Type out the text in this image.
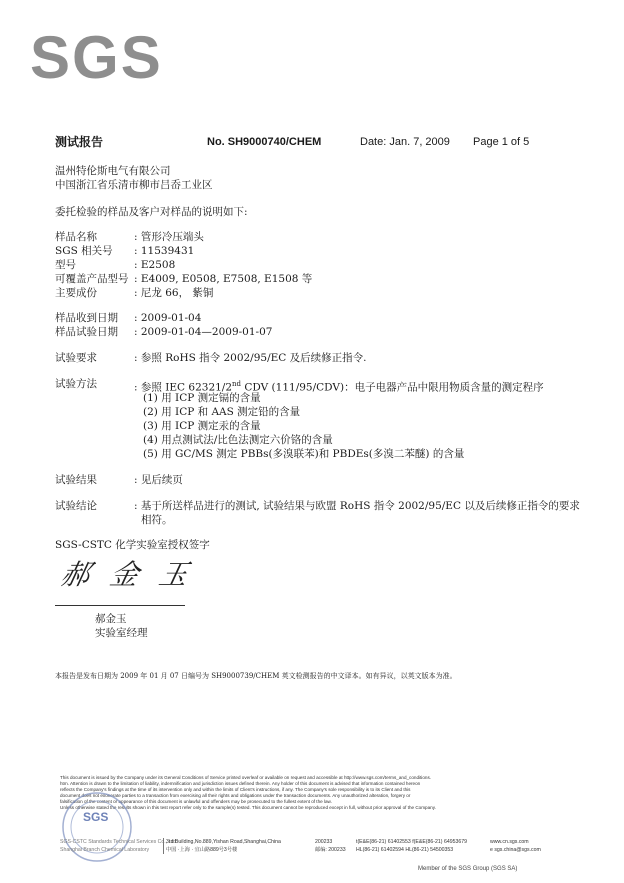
SGS
测试报告	No. SH9000740/CHEM	Date: Jan. 7, 2009 Page 1 of 5
温州特伦斯电气有限公司
中国浙江省乐清市柳市吕岙工业区
委托检验的样品及客户对样品的说明如下:
样品名称	: 管形冷压端头
SGS 相关号 : 11539431
型号	: E2508
可覆盖产品型号 : E4009, E0508, E7508, E1508 等
主要成份	: 尼龙 66， 紫铜
样品收到日期 : 2009-01-04
样品试验日期 : 2009-01-04—2009-01-07
试验要求	: 参照 RoHS 指令 2002/95/EC 及后续修正指令.
试验方法	: 参照 IEC 62321/2nd CDV (111/95/CDV)：电子电器产品中限用物质含量的测定程序
(1) 用 ICP 测定镉的含量
(2) 用 ICP 和 AAS 测定铅的含量
(3) 用 ICP 测定汞的含量
(4) 用点测试法/比色法测定六价铬的含量
(5) 用 GC/MS 测定 PBBs(多溴联苯)和 PBDEs(多溴二苯醚) 的含量
试验结果	: 见后续页
试验结论	: 基于所送样品进行的测试, 试验结果与欧盟 RoHS 指令 2002/95/EC 以及后续修正指令的要求
相符。
SGS-CSTC 化学实验室授权签字
郝 金 玉
郝金玉
实验室经理
本报告是发布日期为 2009 年 01 月 07 日编号为 SH9000739/CHEM 英文检测报告的中文译本。如有异议，以英文版本为准。
This document is issued by the Company under its General Conditions of Service printed overleaf or available on request and accessible at http://www.sgs.com/terms_and_conditions.
htm. Attention is drawn to the limitation of liability, indemnification and jurisdiction issues defined therein. Any holder of this document is advised that information contained hereon
reflects the Company's findings at the time of its intervention only and within the limits of Client's instructions, if any. The Company's sole responsibility is to its Client and this
document does not exonerate parties to a transaction from exercising all their rights and obligations under the transaction documents. Any unauthorized alteration, forgery or
falsification of the content or appearance of this document is unlawful and offenders may be prosecuted to the fullest extent of the law.
Unless otherwise stated the results shown in this test report refer only to the sample(s) tested. This document cannot be reproduced except in full, without prior approval of the Company.
SGS
SGS-CSTC Standards Technical Services Co., Ltd.
Shanghai Branch Chemical Laboratory
3rd Building,No.889,Yishan Road,Shanghai,China
中国 ·上海 · 宜山路889号3号楼
200233
邮编: 200233
t(E&E(86-21) 61402553 f(E&E(86-21) 64953679
HL(86-21) 61402594 HL(86-21) 54500353
www.cn.sgs.com
e sgs.china@sgs.com
Member of the SGS Group (SGS SA)
